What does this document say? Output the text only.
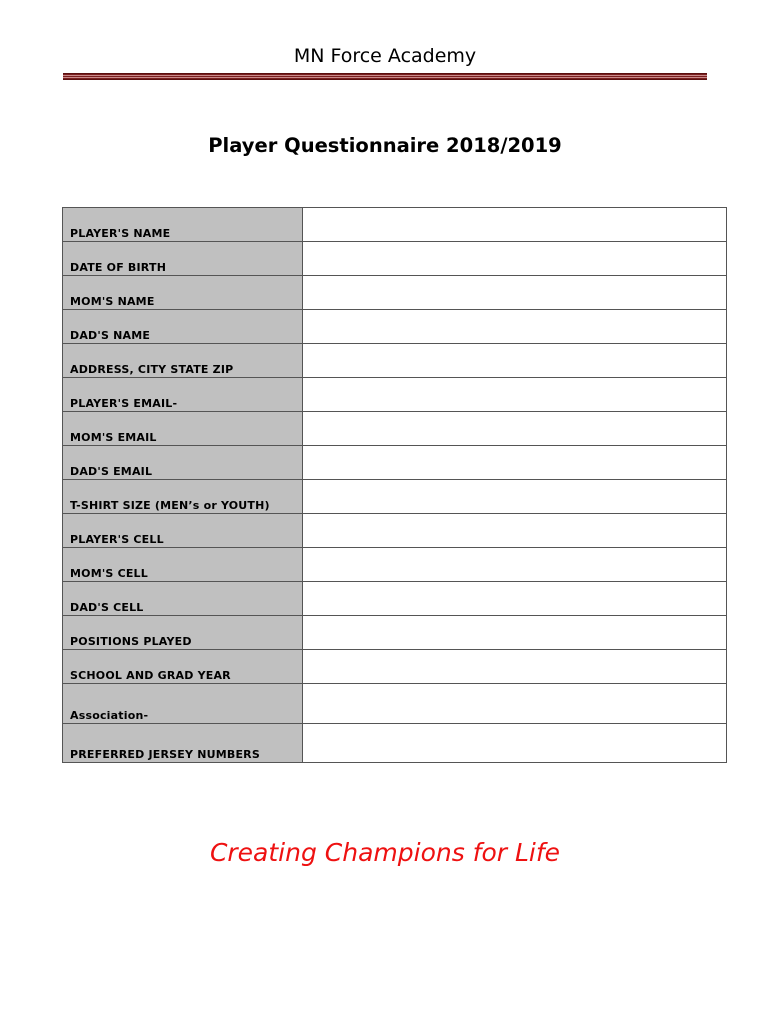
MN Force Academy
Player Questionnaire 2018/2019
PLAYER'S NAME	
DATE OF BIRTH	
MOM'S NAME	
DAD'S NAME	
ADDRESS, CITY STATE ZIP	
PLAYER'S EMAIL-	
MOM'S EMAIL	
DAD'S EMAIL	
T-SHIRT SIZE (MEN’s or YOUTH)	
PLAYER'S CELL	
MOM'S CELL	
DAD'S CELL	
POSITIONS PLAYED	
SCHOOL AND GRAD YEAR	
Association-	
PREFERRED JERSEY NUMBERS	
Creating Champions for Life
